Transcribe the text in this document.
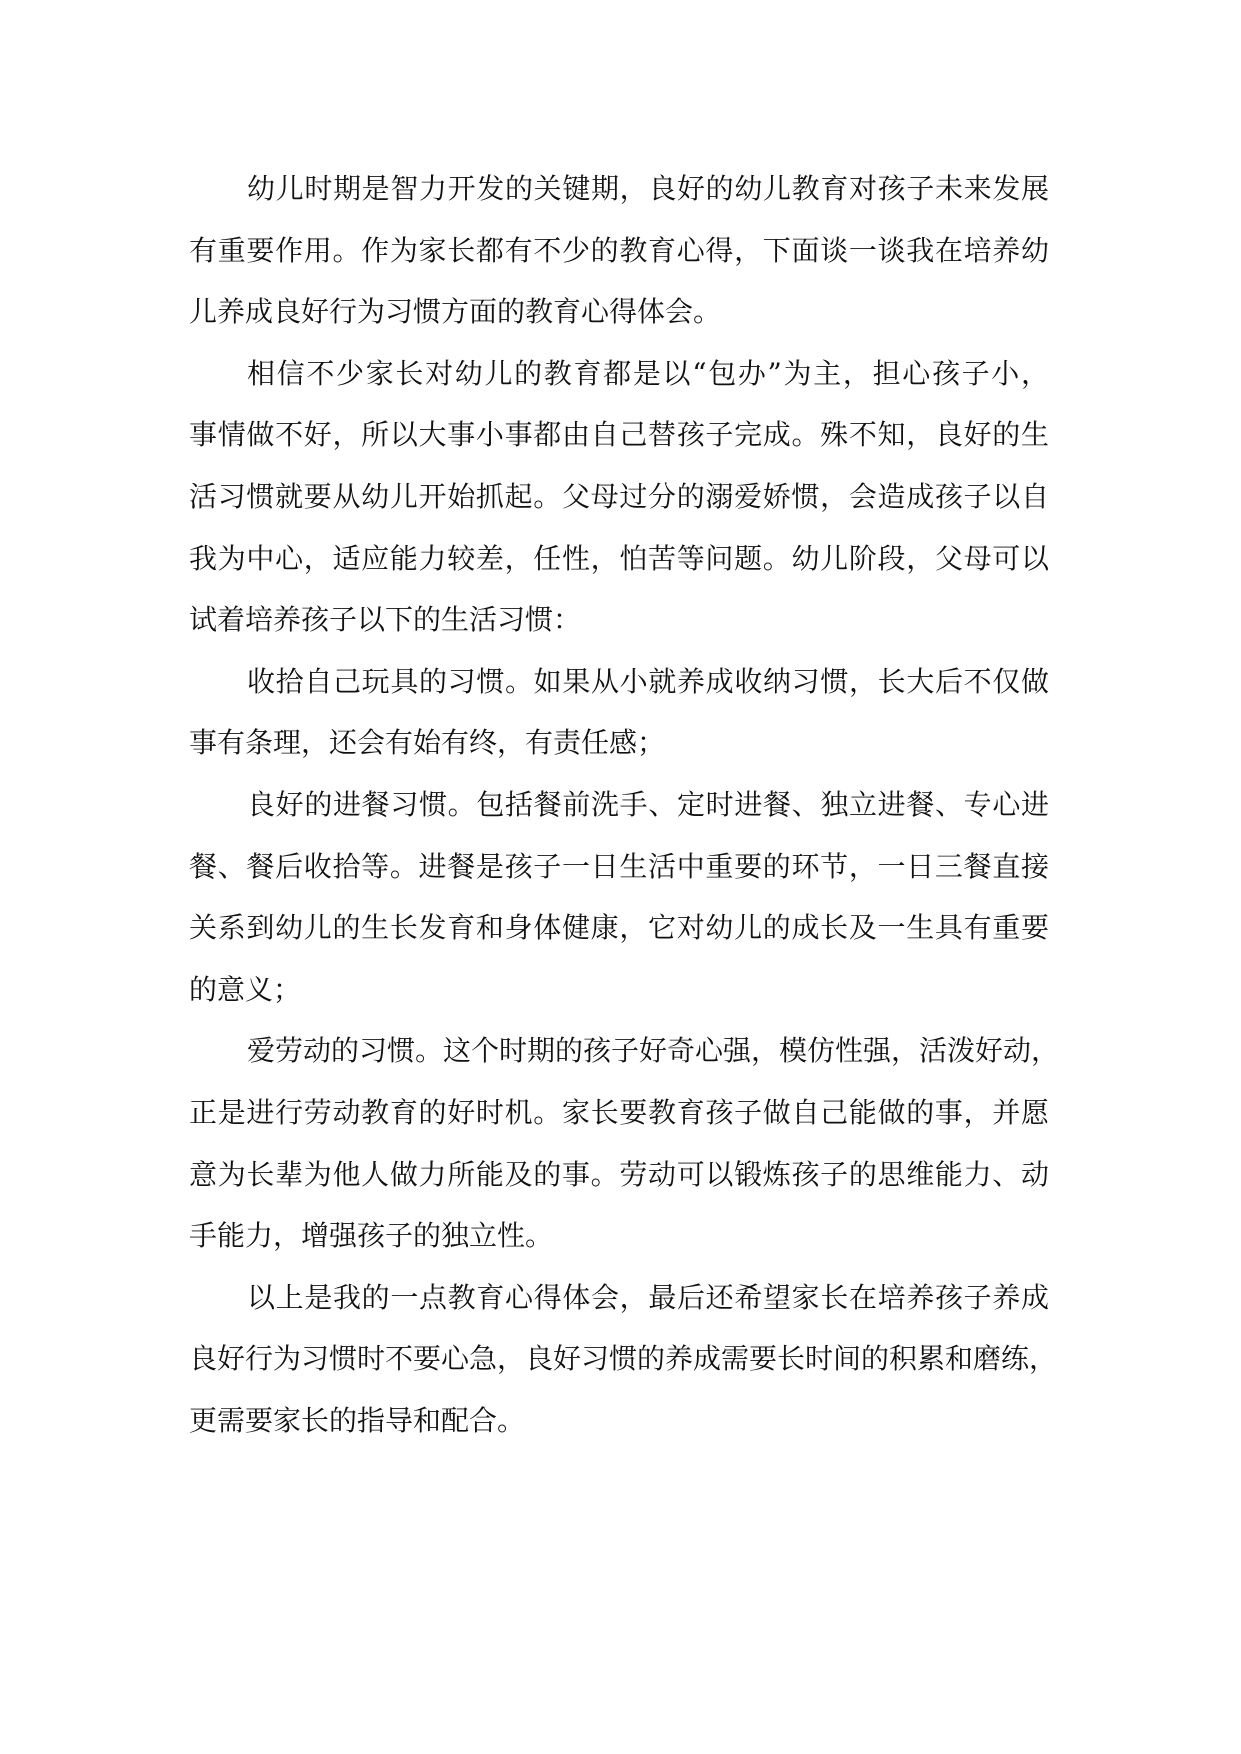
幼儿时期是智力开发的关键期，良好的幼儿教育对孩子未来发展
有重要作用。作为家长都有不少的教育心得，下面谈一谈我在培养幼
儿养成良好行为习惯方面的教育心得体会。
相信不少家长对幼儿的教育都是以“包办”为主，担心孩子小，
事情做不好，所以大事小事都由自己替孩子完成。殊不知，良好的生
活习惯就要从幼儿开始抓起。父母过分的溺爱娇惯，会造成孩子以自
我为中心，适应能力较差，任性，怕苦等问题。幼儿阶段，父母可以
试着培养孩子以下的生活习惯：
收拾自己玩具的习惯。如果从小就养成收纳习惯，长大后不仅做
事有条理，还会有始有终，有责任感；
良好的进餐习惯。包括餐前洗手、定时进餐、独立进餐、专心进
餐、餐后收拾等。进餐是孩子一日生活中重要的环节，一日三餐直接
关系到幼儿的生长发育和身体健康，它对幼儿的成长及一生具有重要
的意义；
爱劳动的习惯。这个时期的孩子好奇心强，模仿性强，活泼好动，
正是进行劳动教育的好时机。家长要教育孩子做自己能做的事，并愿
意为长辈为他人做力所能及的事。劳动可以锻炼孩子的思维能力、动
手能力，增强孩子的独立性。
以上是我的一点教育心得体会，最后还希望家长在培养孩子养成
良好行为习惯时不要心急，良好习惯的养成需要长时间的积累和磨练，
更需要家长的指导和配合。
